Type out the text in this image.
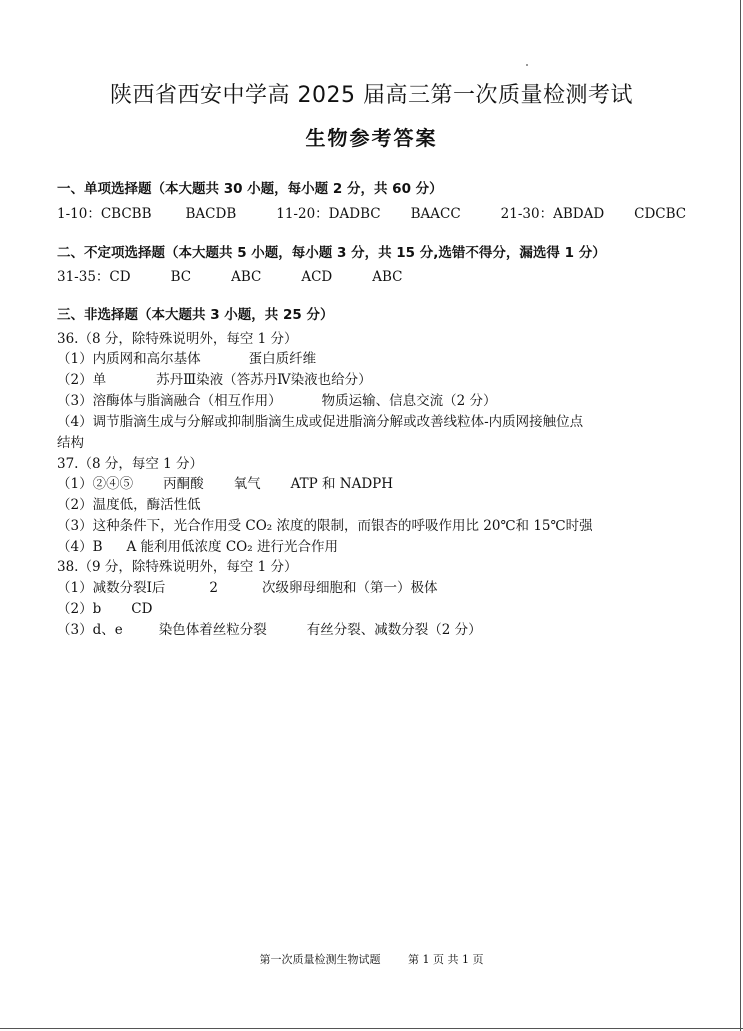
陕西省西安中学高 2025 届高三第一次质量检测考试
生物参考答案
一、单项选择题（本大题共 30 小题，每小题 2 分，共 60 分）
1-10：CBCBB	BACDB	11-20：DADBC BAACC	21-30：ABDAD CDCBC
二、不定项选择题（本大题共 5 小题，每小题 3 分，共 15 分,选错不得分，漏选得 1 分）
31-35：CD	BC	ABC	ACD	ABC
三、非选择题（本大题共 3 小题，共 25 分）
36.（8 分，除特殊说明外，每空 1 分）
（1）内质网和高尔基体	蛋白质纤维
（2）单	苏丹Ⅲ染液（答苏丹Ⅳ染液也给分）
（3）溶酶体与脂滴融合（相互作用）	物质运输、信息交流（2 分）
（4）调节脂滴生成与分解或抑制脂滴生成或促进脂滴分解或改善线粒体-内质网接触位点
结构
37.（8 分，每空 1 分）
（1）②④⑤ 丙酮酸 氧气 ATP 和 NADPH
（2）温度低，酶活性低
（3）这种条件下，光合作用受 CO₂ 浓度的限制，而银杏的呼吸作用比 20℃和 15℃时强
（4）B A 能利用低浓度 CO₂ 进行光合作用
38.（9 分，除特殊说明外，每空 1 分）
（1）减数分裂Ⅰ后	2	次级卵母细胞和（第一）极体
（2）b CD
（3）d、e	染色体着丝粒分裂	有丝分裂、减数分裂（2 分）
第一次质量检测生物试题	第 1 页 共 1 页
